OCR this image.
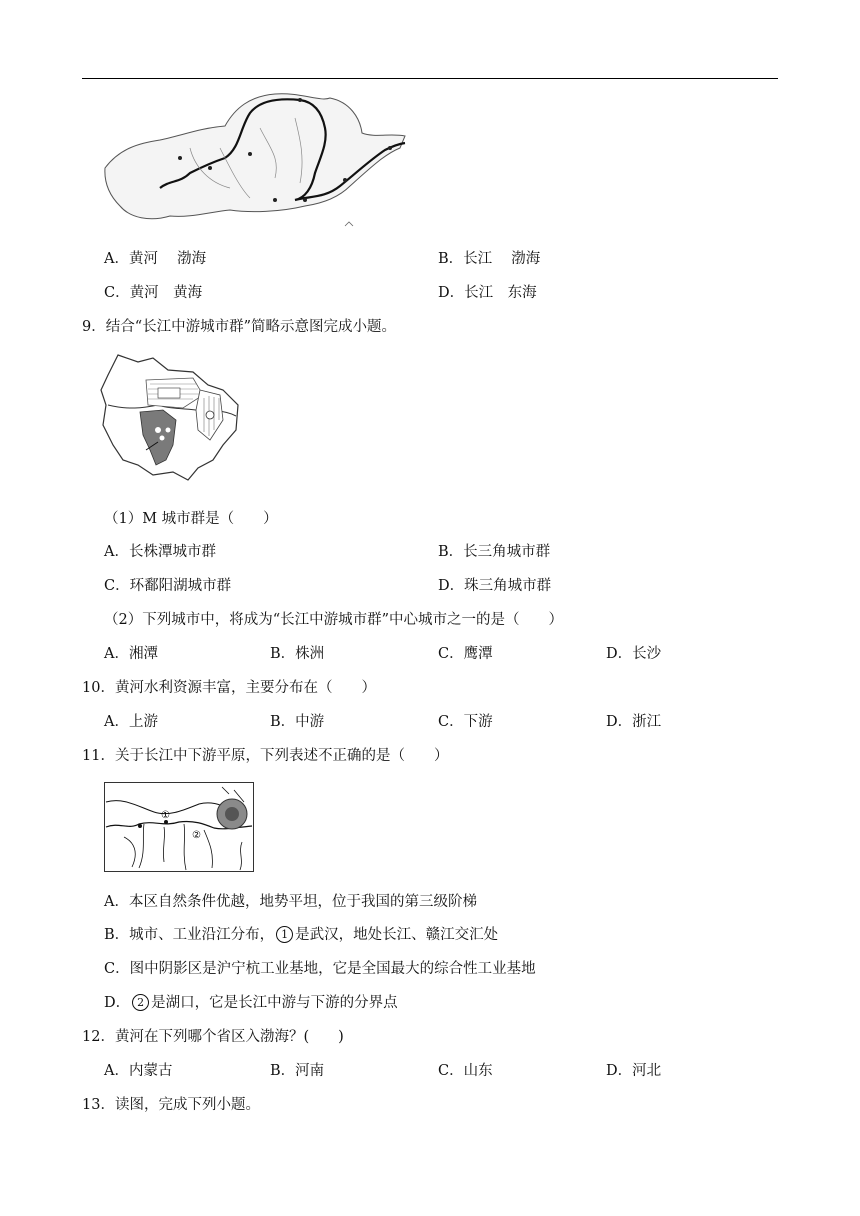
A．黄河　 渤海	B．长江　 渤海
C．黄河　黄海	D．长江　东海
9．结合“长江中游城市群”简略示意图完成小题。
（1）M 城市群是（　　）
A．长株潭城市群	B．长三角城市群
C．环鄱阳湖城市群	D．珠三角城市群
（2）下列城市中，将成为“长江中游城市群”中心城市之一的是（　　）
A．湘潭	B．株洲	C．鹰潭	D．长沙
10．黄河水利资源丰富，主要分布在（　　）
A．上游	B．中游	C．下游	D．浙江
11．关于长江中下游平原，下列表述不正确的是（　　）
①
②
A．本区自然条件优越，地势平坦，位于我国的第三级阶梯
B．城市、工业沿江分布， 1 是武汉，地处长江、赣江交汇处
C．图中阴影区是沪宁杭工业基地，它是全国最大的综合性工业基地
D． 2 是湖口，它是长江中游与下游的分界点
12．黄河在下列哪个省区入渤海？(　　)
A．内蒙古	B．河南	C．山东	D．河北
13．读图，完成下列小题。
